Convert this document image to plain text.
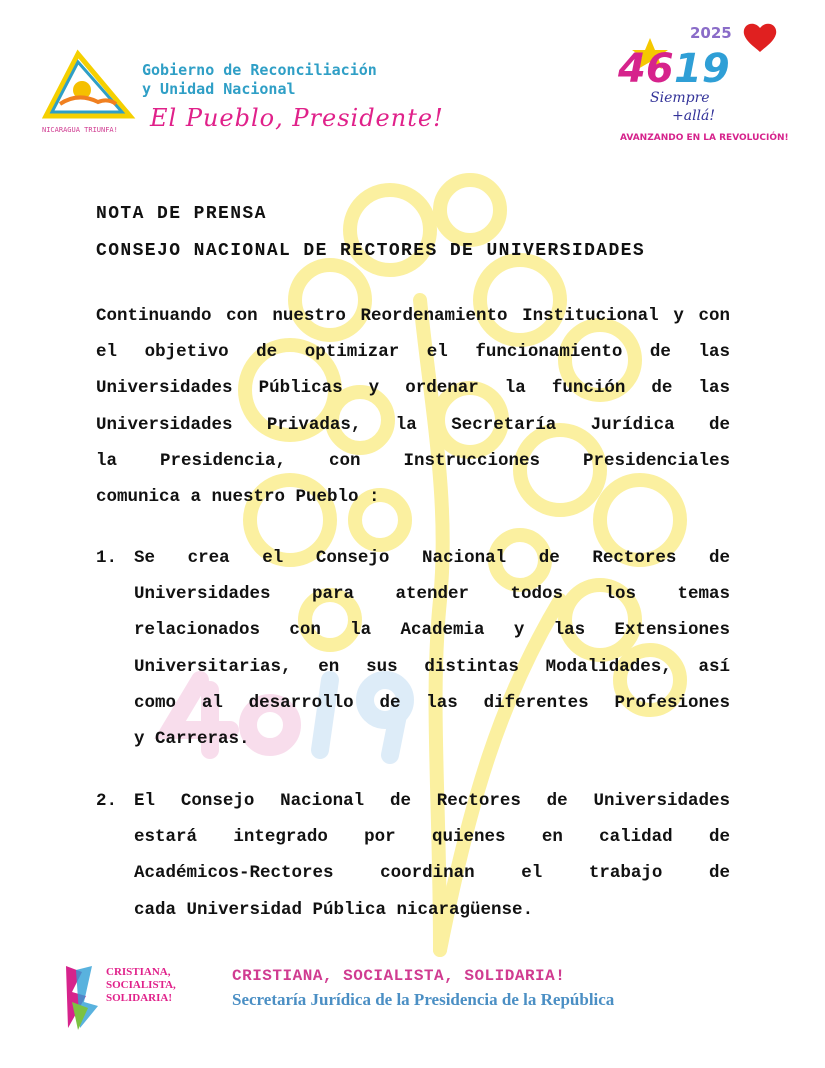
NICARAGUA TRIUNFA!
Gobierno de Reconciliación
y Unidad Nacional
El Pueblo, Presidente!
2025
46 19
Siempre
+allá!
AVANZANDO EN LA REVOLUCIÓN!
NOTA DE PRENSA
CONSEJO NACIONAL DE RECTORES DE UNIVERSIDADES
Continuando con nuestro Reordenamiento Institucional y con
el objetivo de optimizar el funcionamiento de las
Universidades Públicas y ordenar la función de las
Universidades Privadas, la Secretaría Jurídica de
la Presidencia, con Instrucciones Presidenciales
comunica a nuestro Pueblo :
1. Se crea el Consejo Nacional de Rectores de
Universidades para atender todos los temas
relacionados con la Academia y las Extensiones
Universitarias, en sus distintas Modalidades, así
como al desarrollo de las diferentes Profesiones
y Carreras.
2. El Consejo Nacional de Rectores de Universidades
estará integrado por quienes en calidad de
Académicos-Rectores coordinan el trabajo de
cada Universidad Pública nicaragüense.
CRISTIANA, SOCIALISTA, SOLIDARIA!
CRISTIANA, SOCIALISTA, SOLIDARIA!
Secretaría Jurídica de la Presidencia de la República
